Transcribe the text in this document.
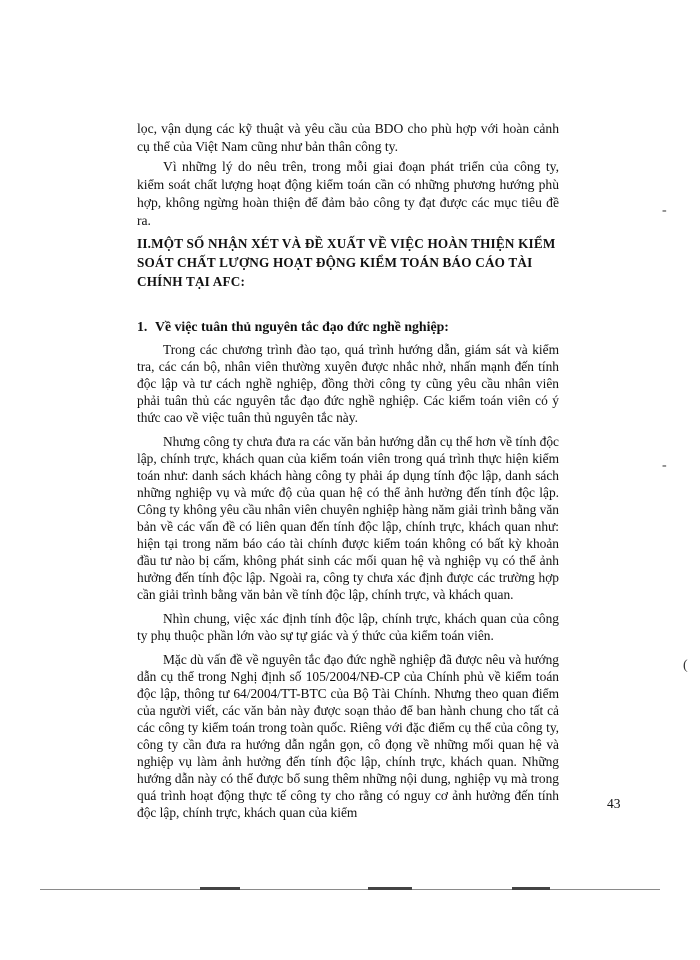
lọc, vận dụng các kỹ thuật và yêu cầu của BDO cho phù hợp với hoàn cảnh cụ thể của Việt Nam cũng như bản thân công ty.
Vì những lý do nêu trên, trong mỗi giai đoạn phát triển của công ty, kiểm soát chất lượng hoạt động kiểm toán cần có những phương hướng phù hợp, không ngừng hoàn thiện để đảm bảo công ty đạt được các mục tiêu đề ra.
II.MỘT SỐ NHẬN XÉT VÀ ĐỀ XUẤT VỀ VIỆC HOÀN THIỆN KIỂM SOÁT CHẤT LƯỢNG HOẠT ĐỘNG KIỂM TOÁN BÁO CÁO TÀI CHÍNH TẠI AFC:
1. Về việc tuân thủ nguyên tắc đạo đức nghề nghiệp:

Trong các chương trình đào tạo, quá trình hướng dẫn, giám sát và kiểm tra, các cán bộ, nhân viên thường xuyên được nhắc nhở, nhấn mạnh đến tính độc lập và tư cách nghề nghiệp, đồng thời công ty cũng yêu cầu nhân viên phải tuân thủ các nguyên tắc đạo đức nghề nghiệp. Các kiểm toán viên có ý thức cao về việc tuân thủ nguyên tắc này.

Nhưng công ty chưa đưa ra các văn bản hướng dẫn cụ thể hơn về tính độc lập, chính trực, khách quan của kiểm toán viên trong quá trình thực hiện kiểm toán như: danh sách khách hàng công ty phải áp dụng tính độc lập, danh sách những nghiệp vụ và mức độ của quan hệ có thể ảnh hưởng đến tính độc lập. Công ty không yêu cầu nhân viên chuyên nghiệp hàng năm giải trình bằng văn bản về các vấn đề có liên quan đến tính độc lập, chính trực, khách quan như: hiện tại trong năm báo cáo tài chính được kiểm toán không có bất kỳ khoản đầu tư nào bị cấm, không phát sinh các mối quan hệ và nghiệp vụ có thể ảnh hưởng đến tính độc lập. Ngoài ra, công ty chưa xác định được các trường hợp cần giải trình bằng văn bản về tính độc lập, chính trực, và khách quan.

Nhìn chung, việc xác định tính độc lập, chính trực, khách quan của công ty phụ thuộc phần lớn vào sự tự giác và ý thức của kiểm toán viên.

Mặc dù vấn đề về nguyên tắc đạo đức nghề nghiệp đã được nêu và hướng dẫn cụ thể trong Nghị định số 105/2004/NĐ-CP của Chính phủ về kiểm toán độc lập, thông tư 64/2004/TT-BTC của Bộ Tài Chính. Nhưng theo quan điểm của người viết, các văn bản này được soạn thảo để ban hành chung cho tất cả các công ty kiểm toán trong toàn quốc. Riêng với đặc điểm cụ thể của công ty, công ty cần đưa ra hướng dẫn ngắn gọn, cô đọng về những mối quan hệ và nghiệp vụ làm ảnh hưởng đến tính độc lập, chính trực, khách quan. Những hướng dẫn này có thể được bổ sung thêm những nội dung, nghiệp vụ mà trong quá trình hoạt động thực tế công ty cho rằng có nguy cơ ảnh hưởng đến tính độc lập, chính trực, khách quan của kiểm

43
-
-
(
